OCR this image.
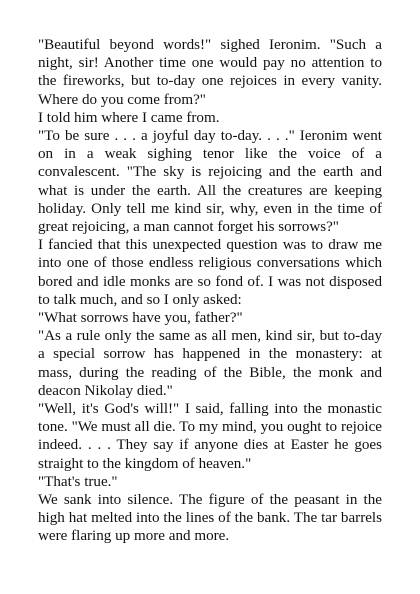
"Beautiful beyond words!" sighed Ieronim. "Such a night, sir! Another time one would pay no attention to the fireworks, but to-day one rejoices in every vanity. Where do you come from?"

I told him where I came from.

"To be sure . . . a joyful day to-day. . . ." Ieronim went on in a weak sighing tenor like the voice of a convalescent. "The sky is rejoicing and the earth and what is under the earth. All the creatures are keeping holiday. Only tell me kind sir, why, even in the time of great rejoicing, a man cannot forget his sorrows?"

I fancied that this unexpected question was to draw me into one of those endless religious conversations which bored and idle monks are so fond of. I was not disposed to talk much, and so I only asked:

"What sorrows have you, father?"

"As a rule only the same as all men, kind sir, but to-day a special sorrow has happened in the monastery: at mass, during the reading of the Bible, the monk and deacon Nikolay died."

"Well, it's God's will!" I said, falling into the monastic tone. "We must all die. To my mind, you ought to rejoice indeed. . . . They say if anyone dies at Easter he goes straight to the kingdom of heaven."

"That's true."

We sank into silence. The figure of the peasant in the high hat melted into the lines of the bank. The tar barrels were flaring up more and more.
